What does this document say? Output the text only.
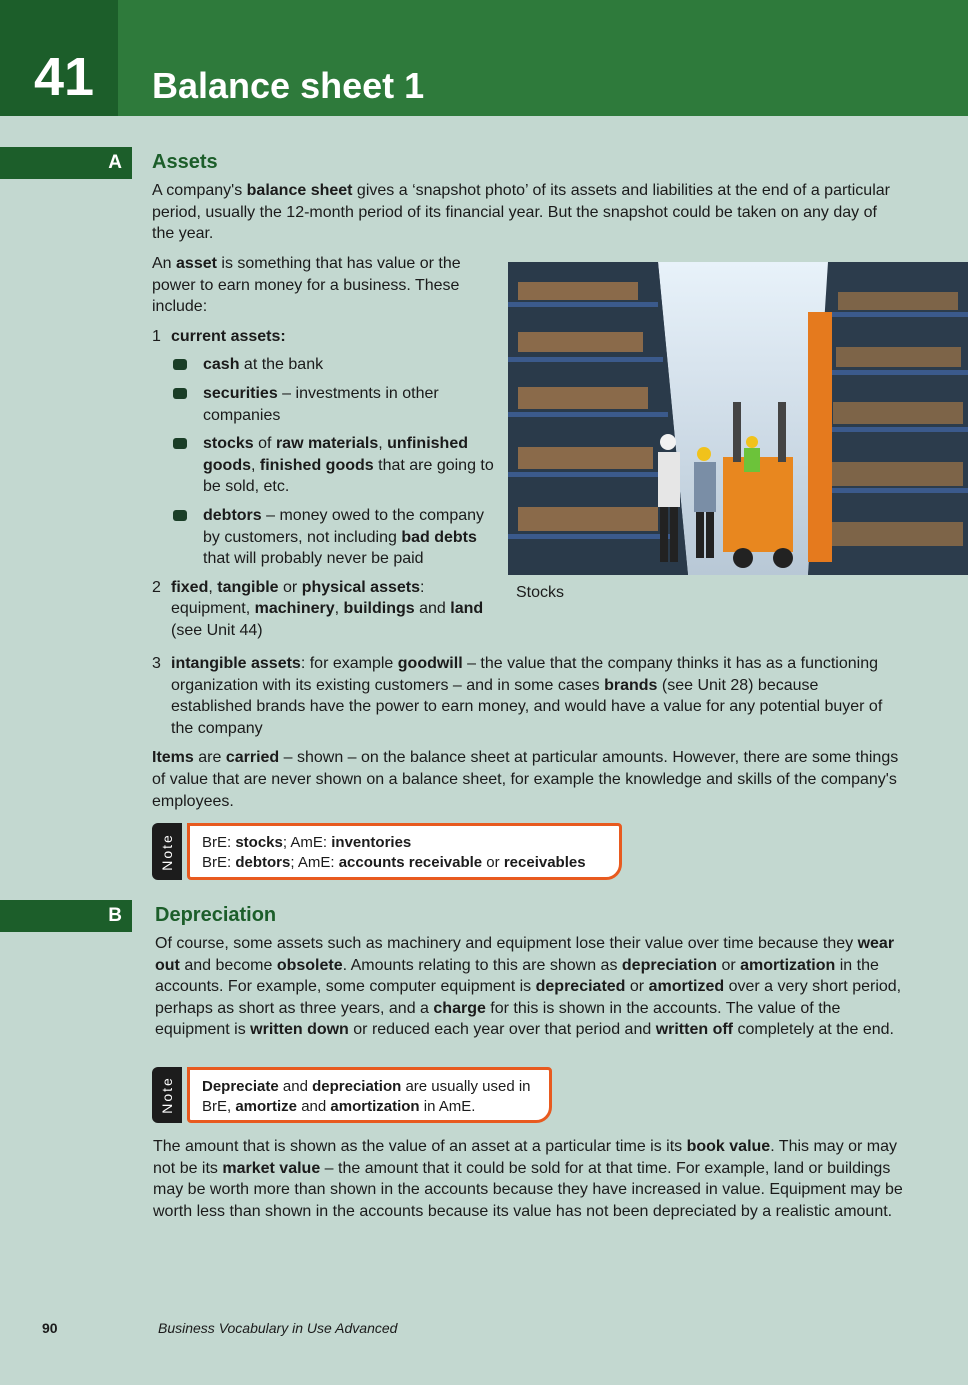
41 Balance sheet 1
A Assets

A company's balance sheet gives a ‘snapshot photo’ of its assets and liabilities at the end of a particular period, usually the 12-month period of its financial year. But the snapshot could be taken on any day of the year.

An asset is something that has value or the power to earn money for a business. These include:

1 current assets:
cash at the bank
securities – investments in other companies
stocks of raw materials, unfinished goods, finished goods that are going to be sold, etc.
debtors – money owed to the company by customers, not including bad debts that will probably never be paid
2 fixed, tangible or physical assets: equipment, machinery, buildings and land (see Unit 44)
Stocks
3 intangible assets: for example goodwill – the value that the company thinks it has as a functioning organization with its existing customers – and in some cases brands (see Unit 28) because established brands have the power to earn money, and would have a value for any potential buyer of the company

Items are carried – shown – on the balance sheet at particular amounts. However, there are some things of value that are never shown on a balance sheet, for example the knowledge and skills of the company's employees.

Note BrE: stocks; AmE: inventories
BrE: debtors; AmE: accounts receivable or receivables
B Depreciation

Of course, some assets such as machinery and equipment lose their value over time because they wear out and become obsolete. Amounts relating to this are shown as depreciation or amortization in the accounts. For example, some computer equipment is depreciated or amortized over a very short period, perhaps as short as three years, and a charge for this is shown in the accounts. The value of the equipment is written down or reduced each year over that period and written off completely at the end.

Note Depreciate and depreciation are usually used in BrE, amortize and amortization in AmE.

The amount that is shown as the value of an asset at a particular time is its book value. This may or may not be its market value – the amount that it could be sold for at that time. For example, land or buildings may be worth more than shown in the accounts because they have increased in value. Equipment may be worth less than shown in the accounts because its value has not been depreciated by a realistic amount.

90	Business Vocabulary in Use Advanced
